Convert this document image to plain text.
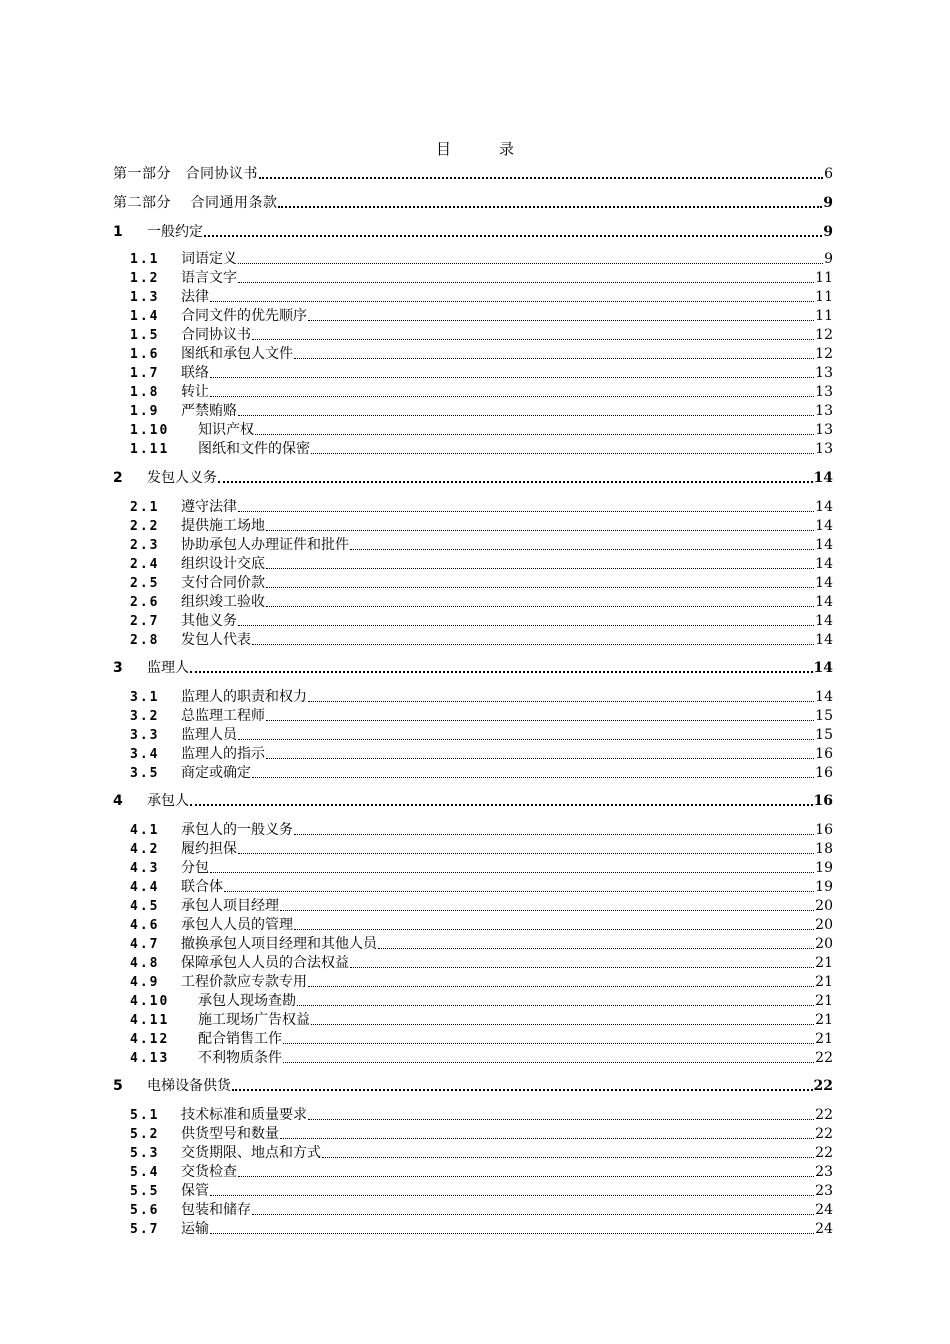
目	录
第一部分　合同协议书	6
第二部分　 合同通用条款	9
1	一般约定	9
1.1	词语定义	9
1.2	语言文字	11
1.3	法律	11
1.4	合同文件的优先顺序	11
1.5	合同协议书	12
1.6	图纸和承包人文件	12
1.7	联络	13
1.8	转让	13
1.9	严禁贿赂	13
1.10	知识产权	13
1.11	图纸和文件的保密	13
2	发包人义务	14
2.1	遵守法律	14
2.2	提供施工场地	14
2.3	协助承包人办理证件和批件	14
2.4	组织设计交底	14
2.5	支付合同价款	14
2.6	组织竣工验收	14
2.7	其他义务	14
2.8	发包人代表	14
3	监理人	14
3.1	监理人的职责和权力	14
3.2	总监理工程师	15
3.3	监理人员	15
3.4	监理人的指示	16
3.5	商定或确定	16
4	承包人	16
4.1	承包人的一般义务	16
4.2	履约担保	18
4.3	分包	19
4.4	联合体	19
4.5	承包人项目经理	20
4.6	承包人人员的管理	20
4.7	撤换承包人项目经理和其他人员	20
4.8	保障承包人人员的合法权益	21
4.9	工程价款应专款专用	21
4.10	承包人现场查勘	21
4.11	施工现场广告权益	21
4.12	配合销售工作	21
4.13	不利物质条件	22
5	电梯设备供货	22
5.1	技术标准和质量要求	22
5.2	供货型号和数量	22
5.3	交货期限、地点和方式	22
5.4	交货检查	23
5.5	保管	23
5.6	包装和储存	24
5.7	运输	24
